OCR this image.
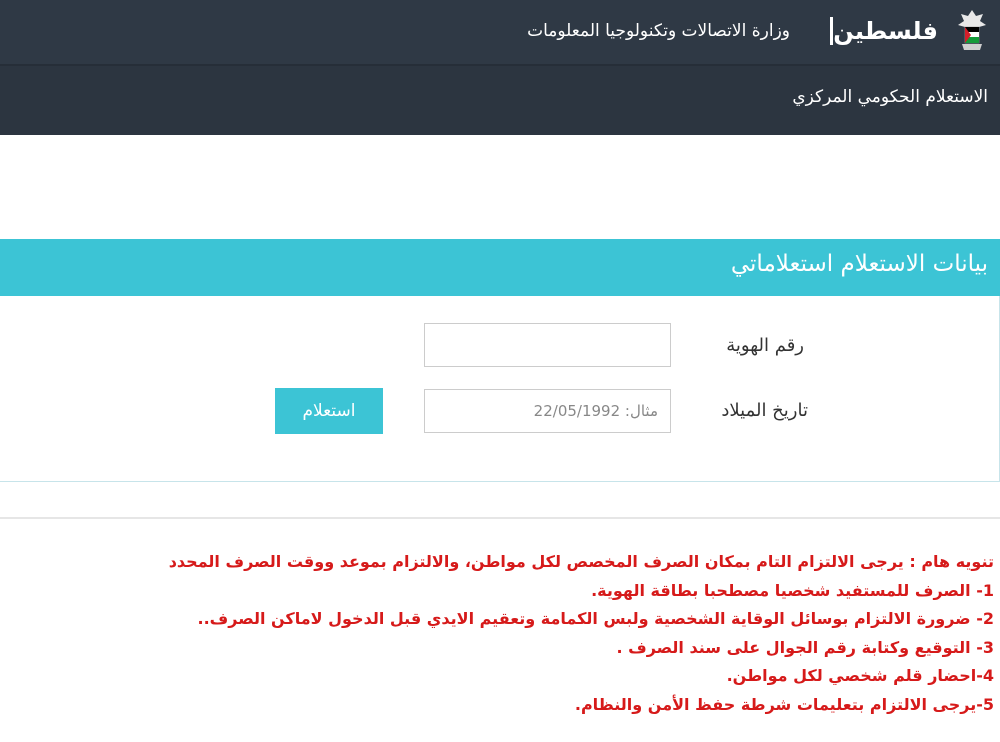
فلسطين
وزارة الاتصالات وتكنولوجيا المعلومات
الاستعلام الحكومي المركزي
بيانات الاستعلام استعلاماتي
رقم الهوية
تاريخ الميلاد
مثال: 22/05/1992
استعلام
تنويه هام : يرجى الالتزام التام بمكان الصرف المخصص لكل مواطن، والالتزام بموعد ووقت الصرف المحدد
1- الصرف للمستفيد شخصيا مصطحبا بطاقة الهوية.
2- ضرورة الالتزام بوسائل الوقاية الشخصية ولبس الكمامة وتعقيم الايدي قبل الدخول لاماكن الصرف..
3- التوقيع وكتابة رقم الجوال على سند الصرف .
4-احضار قلم شخصي لكل مواطن.
5-يرجى الالتزام بتعليمات شرطة حفظ الأمن والنظام.
